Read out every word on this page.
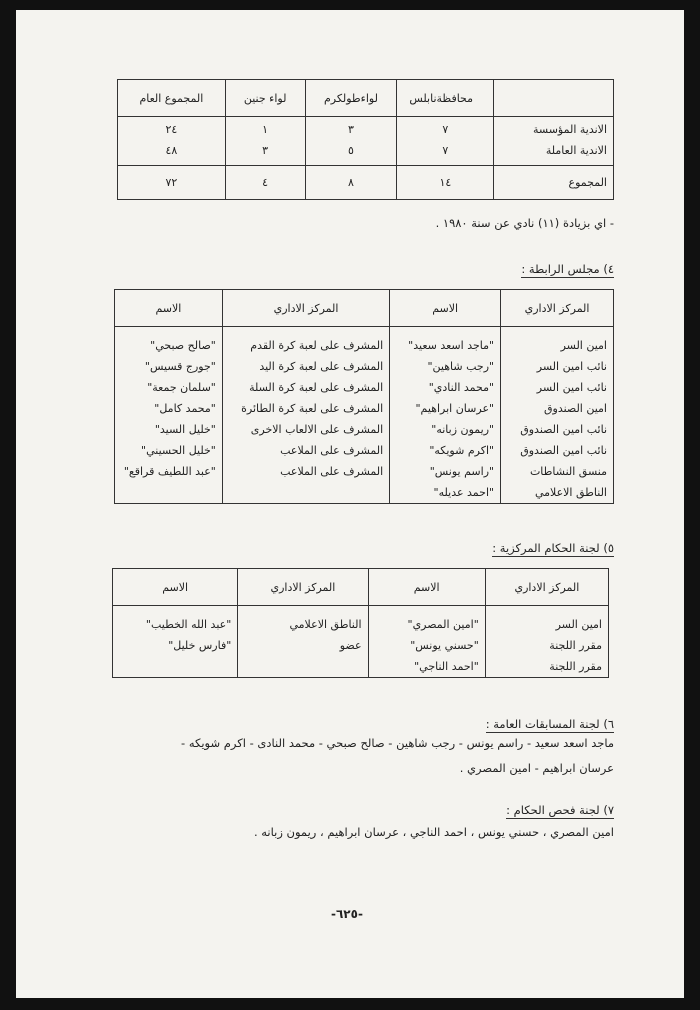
	محافظةنابلس	لواءطولكرم	لواء جنين	المجموع العام
الاندية المؤسسة	٧	٣	١	٢٤
الاندية العاملة	٧	٥	٣	٤٨
المجموع	١٤	٨	٤	٧٢
- اي بزيادة (١١) نادي عن سنة ١٩٨٠ .
٤) مجلس الرابطة :
المركز الاداري	الاسم	المركز الاداري	الاسم
امين السر	"ماجد اسعد سعيد"	المشرف على لعبة كرة القدم	"صالح صبحي"
نائب امين السر	"رجب شاهين"	المشرف على لعبة كرة اليد	"جورج قسيس"
نائب امين السر	"محمد النادي"	المشرف على لعبة كرة السلة	"سلمان جمعة"
امين الصندوق	"عرسان ابراهيم"	المشرف على لعبة كرة الطائرة	"محمد كامل"
نائب امين الصندوق	"ريمون زبانه"	المشرف على الالعاب الاخرى	"خليل السيد"
نائب امين الصندوق	"اكرم شويكه"	المشرف على الملاعب	"خليل الحسيني"
منسق النشاطات	"راسم يونس"	المشرف على الملاعب	"عبد اللطيف قراقع"
الناطق الاعلامي	"احمد عديله"		
٥) لجنة الحكام المركزية :
المركز الاداري	الاسم	المركز الاداري	الاسم
امين السر	"امين المصري"	الناطق الاعلامي	"عبد الله الخطيب"
مقرر اللجنة	"حسني يونس"	عضو	"فارس خليل"
مقرر اللجنة	"احمد الناجي"		
٦) لجنة المسابقات العامة :
ماجد اسعد سعيد - راسم يونس - رجب شاهين - صالح صبحي - محمد النادى - اكرم شويكه -
عرسان ابراهيم - امين المصري .
٧) لجنة فحص الحكام :
امين المصري ، حسني يونس ، احمد الناجي ، عرسان ابراهيم ، ريمون زبانه .
-٦٢٥-
